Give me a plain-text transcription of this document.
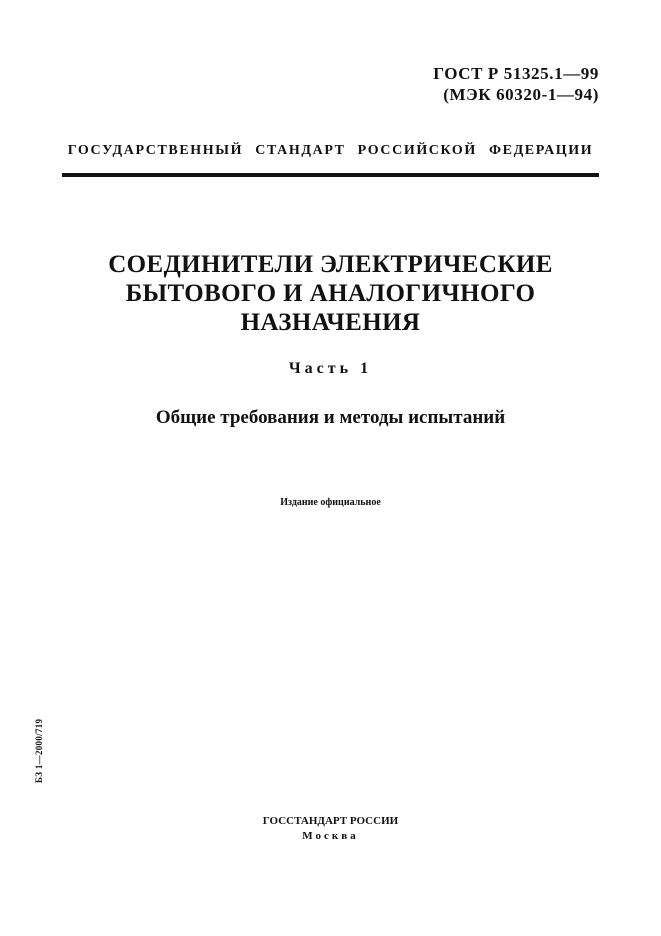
ГОСТ Р 51325.1—99
(МЭК 60320-1—94)
ГОСУДАРСТВЕННЫЙ СТАНДАРТ РОССИЙСКОЙ ФЕДЕРАЦИИ
СОЕДИНИТЕЛИ ЭЛЕКТРИЧЕСКИЕ
БЫТОВОГО И АНАЛОГИЧНОГО
НАЗНАЧЕНИЯ
Часть 1
Общие требования и методы испытаний
Издание официальное
БЗ 1—2000/719
ГОССТАНДАРТ РОССИИ
Москва
